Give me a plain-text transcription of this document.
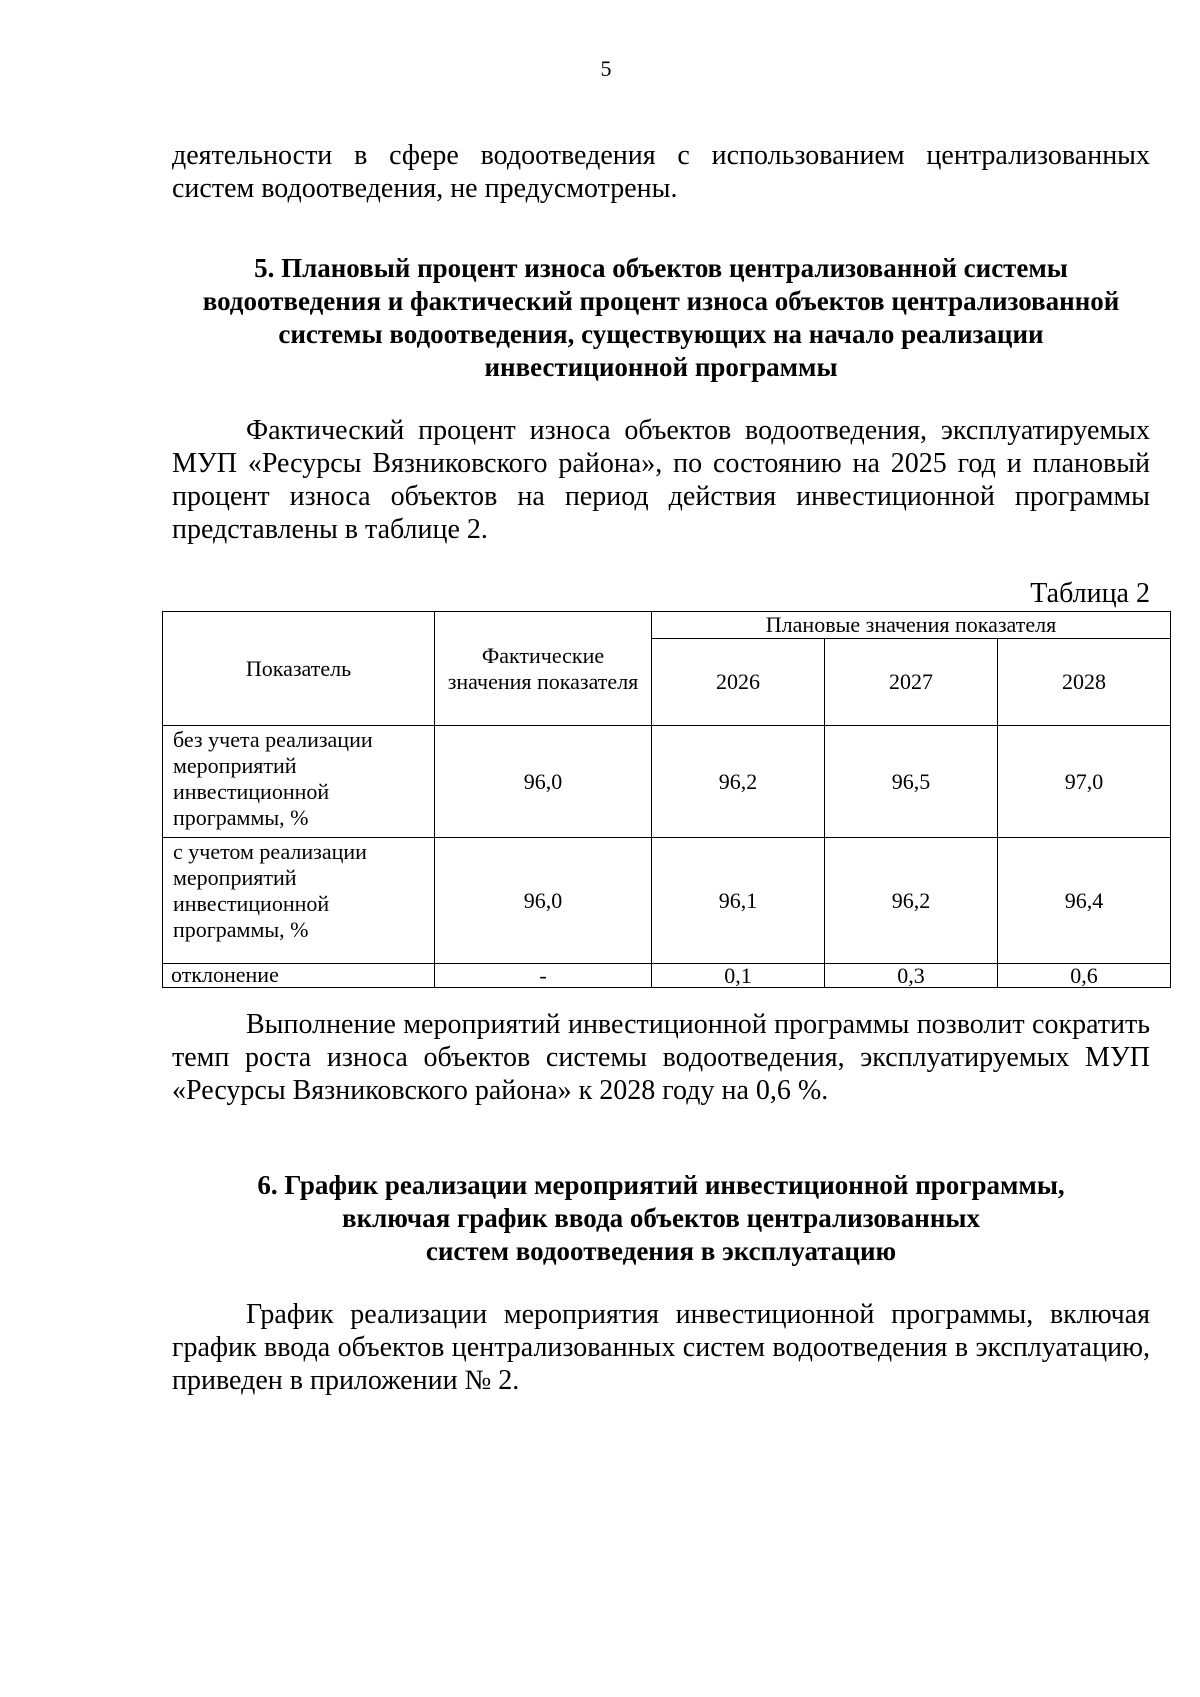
5

деятельности в сфере водоотведения с использованием централизованных систем водоотведения, не предусмотрены.

5. Плановый процент износа объектов централизованной системы
водоотведения и фактический процент износа объектов централизованной
системы водоотведения, существующих на начало реализации
инвестиционной программы

Фактический процент износа объектов водоотведения, эксплуатируемых МУП «Ресурсы Вязниковского района», по состоянию на 2025 год и плановый процент износа объектов на период действия инвестиционной программы представлены в таблице 2.

Таблица 2
Показатель	Фактические значения показателя	Плановые значения показателя		
		2026	2027	2028
без учета реализации мероприятий инвестиционной программы, %	96,0	96,2	96,5	97,0
с учетом реализации мероприятий инвестиционной программы, %	96,0	96,1	96,2	96,4
отклонение	-	0,1	0,3	0,6

Выполнение мероприятий инвестиционной программы позволит сократить темп роста износа объектов системы водоотведения, эксплуатируемых МУП «Ресурсы Вязниковского района» к 2028 году на 0,6 %.

6. График реализации мероприятий инвестиционной программы,
включая график ввода объектов централизованных
систем водоотведения в эксплуатацию

График реализации мероприятия инвестиционной программы, включая график ввода объектов централизованных систем водоотведения в эксплуатацию, приведен в приложении № 2.
